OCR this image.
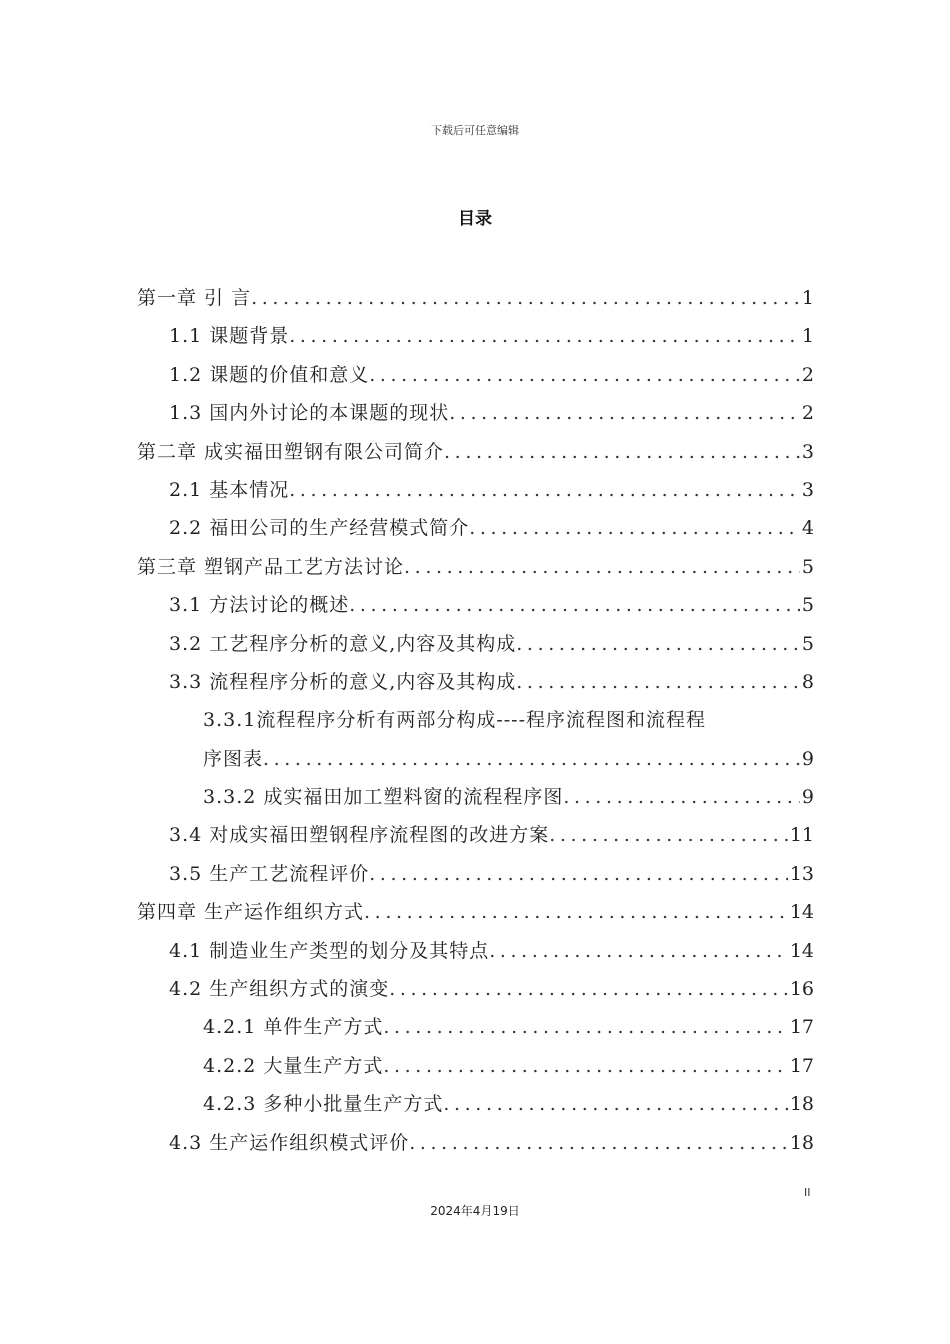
下载后可任意编辑
目录
第一章 引 言 .....	1
1.1 课题背景 .....	1
1.2 课题的价值和意义 .....	2
1.3 国内外讨论的本课题的现状 .....	2
第二章 成实福田塑钢有限公司简介 .....	3
2.1 基本情况 .....	3
2.2 福田公司的生产经营模式简介 .....	4
第三章 塑钢产品工艺方法讨论 .....	5
3.1 方法讨论的概述 .....	5
3.2 工艺程序分析的意义,内容及其构成 .....	5
3.3 流程程序分析的意义,内容及其构成 .....	8
3.3.1流程程序分析有两部分构成----程序流程图和流程程
序图表 .....	9
3.3.2 成实福田加工塑料窗的流程程序图 .....	9
3.4 对成实福田塑钢程序流程图的改进方案 .....	11
3.5 生产工艺流程评价 .....	13
第四章 生产运作组织方式 .....	14
4.1 制造业生产类型的划分及其特点 .....	14
4.2 生产组织方式的演变 .....	16
4.2.1 单件生产方式 .....	17
4.2.2 大量生产方式 .....	17
4.2.3 多种小批量生产方式 .....	18
4.3 生产运作组织模式评价 .....	18
II
2024年4月19日
